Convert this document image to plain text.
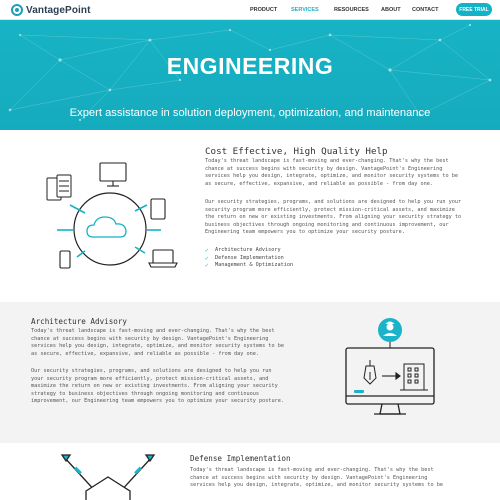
VantagePoint	PRODUCT	SERVICES	RESOURCES ABOUT CONTACT	FREE TRIAL
ENGINEERING
Expert assistance in solution deployment, optimization, and maintenance
Cost Effective, High Quality Help
Today's threat landscape is fast-moving and ever-changing. That's why the best
chance at success begins with security by design. VantagePoint's Engineering
services help you design, integrate, optimize, and monitor security systems to be
as secure, effective, expansive, and reliable as possible - from day one.
Our security strategies, programs, and solutions are designed to help you run your
security program more efficiently, protect mission-critical assets, and maximize
the return on new or existing investments. From aligning your security strategy to
business objectives through ongoing monitoring and continuous improvement, our
Engineering team empowers you to optimize your security posture.
✓	Architecture Advisory
✓	Defense Implementation
✓	Management & Optimization
Architecture Advisory
Today's threat landscape is fast-moving and ever-changing. That's why the best
chance at success begins with security by design. VantagePoint's Engineering
services help you design, integrate, optimize, and monitor security systems to be
as secure, effective, expansive, and reliable as possible - from day one.
Our security strategies, programs, and solutions are designed to help you run
your security program more efficiently, protect mission-critical assets, and
maximize the return on new or existing investments. From aligning your security
strategy to business objectives through ongoing monitoring and continuous
improvement, our Engineering team empowers you to optimize your security posture.
Defense Implementation
Today's threat landscape is fast-moving and ever-changing. That's why the best
chance at success begins with security by design. VantagePoint's Engineering
services help you design, integrate, optimize, and monitor security systems to be
